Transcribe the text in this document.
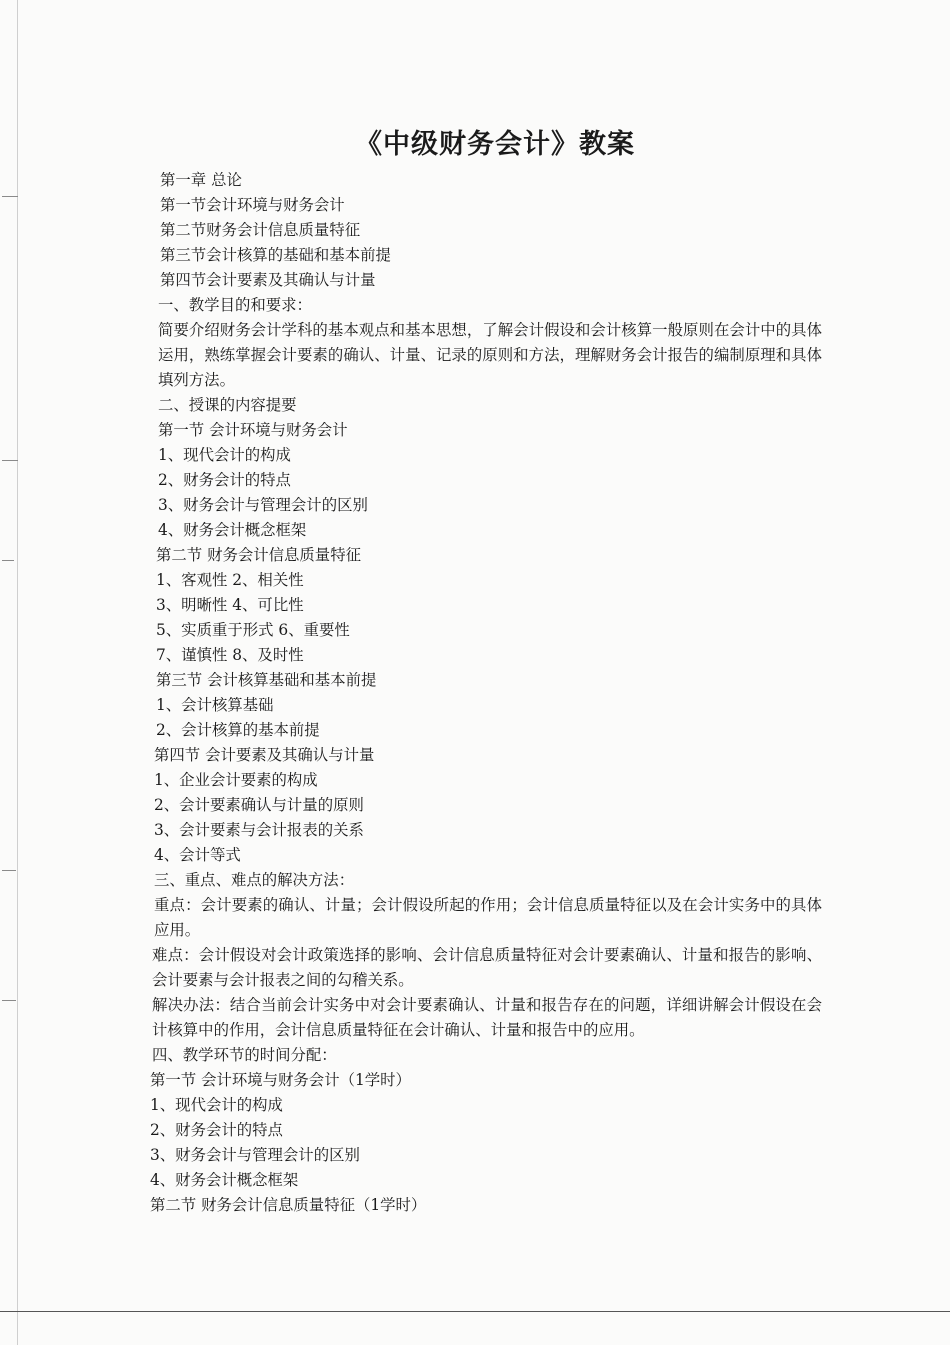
《中级财务会计》教案
第一章 总论
第一节会计环境与财务会计
第二节财务会计信息质量特征
第三节会计核算的基础和基本前提
第四节会计要素及其确认与计量
一、教学目的和要求：
简要介绍财务会计学科的基本观点和基本思想，了解会计假设和会计核算一般原则在会计中的具体运用，熟练掌握会计要素的确认、计量、记录的原则和方法，理解财务会计报告的编制原理和具体填列方法。
二、授课的内容提要
第一节 会计环境与财务会计
1、现代会计的构成
2、财务会计的特点
3、财务会计与管理会计的区别
4、财务会计概念框架
第二节 财务会计信息质量特征
1、客观性 2、相关性
3、明晰性 4、可比性
5、实质重于形式 6、重要性
7、谨慎性 8、及时性
第三节 会计核算基础和基本前提
1、会计核算基础
2、会计核算的基本前提
第四节 会计要素及其确认与计量
1、企业会计要素的构成
2、会计要素确认与计量的原则
3、会计要素与会计报表的关系
4、会计等式
三、重点、难点的解决方法：
重点：会计要素的确认、计量；会计假设所起的作用；会计信息质量特征以及在会计实务中的具体应用。
难点：会计假设对会计政策选择的影响、会计信息质量特征对会计要素确认、计量和报告的影响、会计要素与会计报表之间的勾稽关系。
解决办法：结合当前会计实务中对会计要素确认、计量和报告存在的问题，详细讲解会计假设在会计核算中的作用，会计信息质量特征在会计确认、计量和报告中的应用。
四、教学环节的时间分配：
第一节 会计环境与财务会计（1学时）
1、现代会计的构成
2、财务会计的特点
3、财务会计与管理会计的区别
4、财务会计概念框架
第二节 财务会计信息质量特征（1学时）
